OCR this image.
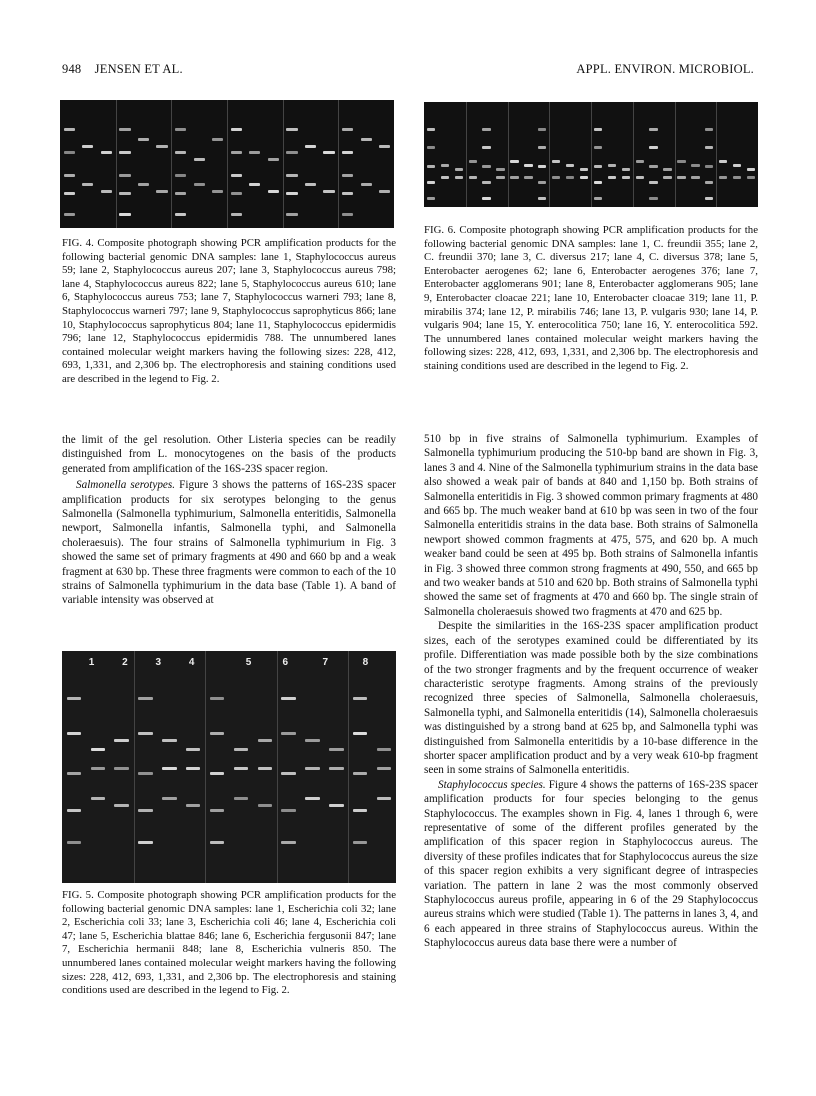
948 JENSEN ET AL.	APPL. ENVIRON. MICROBIOL.
1	2	3	4	5	6	7	8
FIG. 4. Composite photograph showing PCR amplification products for the following bacterial genomic DNA samples: lane 1, Staphylococcus aureus 59; lane 2, Staphylococcus aureus 207; lane 3, Staphylococcus aureus 798; lane 4, Staphylococcus aureus 822; lane 5, Staphylococcus aureus 610; lane 6, Staphylococcus aureus 753; lane 7, Staphylococcus warneri 793; lane 8, Staphylococcus warneri 797; lane 9, Staphylococcus saprophyticus 866; lane 10, Staphylococcus saprophyticus 804; lane 11, Staphylococcus epidermidis 796; lane 12, Staphylococcus epidermidis 788. The unnumbered lanes contained molecular weight markers having the following sizes: 228, 412, 693, 1,331, and 2,306 bp. The electrophoresis and staining conditions used are described in the legend to Fig. 2.
FIG. 6. Composite photograph showing PCR amplification products for the following bacterial genomic DNA samples: lane 1, C. freundii 355; lane 2, C. freundii 370; lane 3, C. diversus 217; lane 4, C. diversus 378; lane 5, Enterobacter aerogenes 62; lane 6, Enterobacter aerogenes 376; lane 7, Enterobacter agglomerans 901; lane 8, Enterobacter agglomerans 905; lane 9, Enterobacter cloacae 221; lane 10, Enterobacter cloacae 319; lane 11, P. mirabilis 374; lane 12, P. mirabilis 746; lane 13, P. vulgaris 930; lane 14, P. vulgaris 904; lane 15, Y. enterocolitica 750; lane 16, Y. enterocolitica 592. The unnumbered lanes contained molecular weight markers having the following sizes: 228, 412, 693, 1,331, and 2,306 bp. The electrophoresis and staining conditions used are described in the legend to Fig. 2.

the limit of the gel resolution. Other Listeria species can be readily distinguished from L. monocytogenes on the basis of the products generated from amplification of the 16S-23S spacer region.

Salmonella serotypes. Figure 3 shows the patterns of 16S-23S spacer amplification products for six serotypes belonging to the genus Salmonella (Salmonella typhimurium, Salmonella enteritidis, Salmonella newport, Salmonella infantis, Salmonella typhi, and Salmonella choleraesuis). The four strains of Salmonella typhimurium in Fig. 3 showed the same set of primary fragments at 490 and 660 bp and a weak fragment at 630 bp. These three fragments were common to each of the 10 strains of Salmonella typhimurium in the data base (Table 1). A band of variable intensity was observed at

FIG. 5. Composite photograph showing PCR amplification products for the following bacterial genomic DNA samples: lane 1, Escherichia coli 32; lane 2, Escherichia coli 33; lane 3, Escherichia coli 46; lane 4, Escherichia coli 47; lane 5, Escherichia blattae 846; lane 6, Escherichia fergusonii 847; lane 7, Escherichia hermanii 848; lane 8, Escherichia vulneris 850. The unnumbered lanes contained molecular weight markers having the following sizes: 228, 412, 693, 1,331, and 2,306 bp. The electrophoresis and staining conditions used are described in the legend to Fig. 2.

510 bp in five strains of Salmonella typhimurium. Examples of Salmonella typhimurium producing the 510-bp band are shown in Fig. 3, lanes 3 and 4. Nine of the Salmonella typhimurium strains in the data base also showed a weak pair of bands at 840 and 1,150 bp. Both strains of Salmonella enteritidis in Fig. 3 showed common primary fragments at 480 and 665 bp. The much weaker band at 610 bp was seen in two of the four Salmonella enteritidis strains in the data base. Both strains of Salmonella newport showed common fragments at 475, 575, and 620 bp. A much weaker band could be seen at 495 bp. Both strains of Salmonella infantis in Fig. 3 showed three common strong fragments at 490, 550, and 665 bp and two weaker bands at 510 and 620 bp. Both strains of Salmonella typhi showed the same set of fragments at 470 and 660 bp. The single strain of Salmonella choleraesuis showed two fragments at 470 and 625 bp.

Despite the similarities in the 16S-23S spacer amplification product sizes, each of the serotypes examined could be differentiated by its profile. Differentiation was made possible both by the size combinations of the two stronger fragments and by the frequent occurrence of weaker characteristic serotype fragments. Among strains of the previously recognized three species of Salmonella, Salmonella choleraesuis, Salmonella typhi, and Salmonella enteritidis (14), Salmonella choleraesuis was distinguished by a strong band at 625 bp, and Salmonella typhi was distinguished from Salmonella enteritidis by a 10-base difference in the shorter spacer amplification product and by a very weak 610-bp fragment seen in some strains of Salmonella enteritidis.

Staphylococcus species. Figure 4 shows the patterns of 16S-23S spacer amplification products for four species belonging to the genus Staphylococcus. The examples shown in Fig. 4, lanes 1 through 6, were representative of some of the different profiles generated by the amplification of this spacer region in Staphylococcus aureus. The diversity of these profiles indicates that for Staphylococcus aureus the size of this spacer region exhibits a very significant degree of intraspecies variation. The pattern in lane 2 was the most commonly observed Staphylococcus aureus profile, appearing in 6 of the 29 Staphylococcus aureus strains which were studied (Table 1). The patterns in lanes 3, 4, and 6 each appeared in three strains of Staphylococcus aureus. Within the Staphylococcus aureus data base there were a number of
